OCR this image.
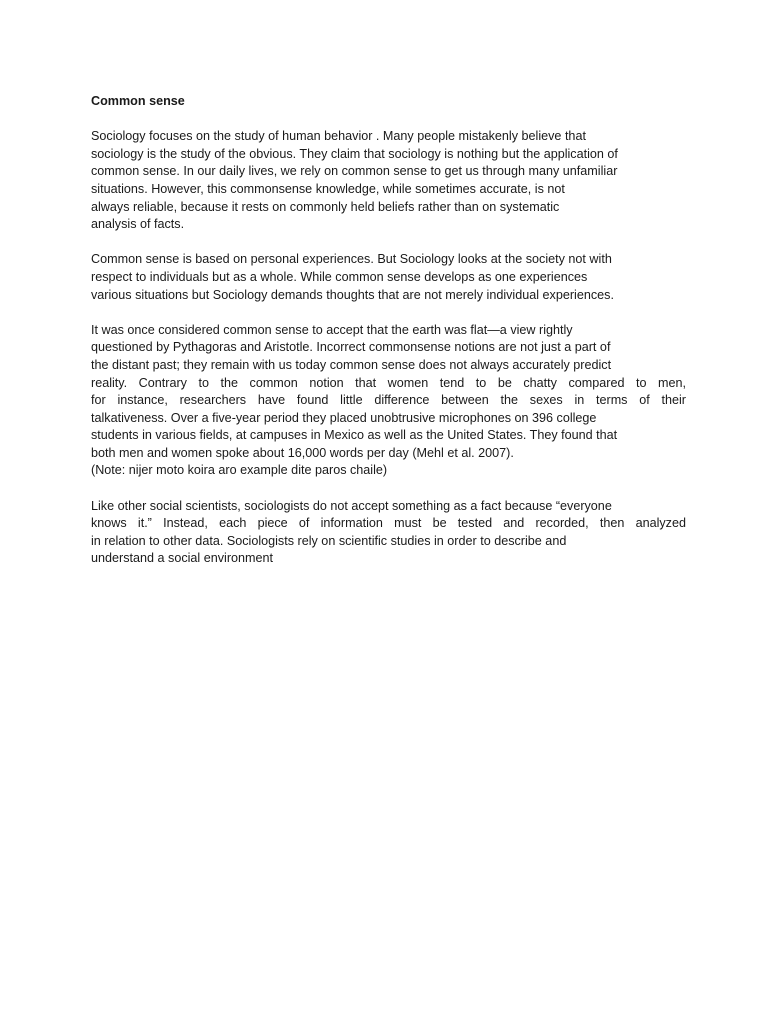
Common sense
Sociology focuses on the study of human behavior . Many people mistakenly believe that
sociology is the study of the obvious. They claim that sociology is nothing but the application of
common sense. In our daily lives, we rely on common sense to get us through many unfamiliar
situations. However, this commonsense knowledge, while sometimes accurate, is not
always reliable, because it rests on commonly held beliefs rather than on systematic
analysis of facts.
Common sense is based on personal experiences. But Sociology looks at the society not with
respect to individuals but as a whole. While common sense develops as one experiences
various situations but Sociology demands thoughts that are not merely individual experiences.
It was once considered common sense to accept that the earth was flat—a view rightly
questioned by Pythagoras and Aristotle. Incorrect commonsense notions are not just a part of
the distant past; they remain with us today common sense does not always accurately predict
reality. Contrary to the common notion that women tend to be chatty compared to men,
for instance, researchers have found little difference between the sexes in terms of their
talkativeness. Over a five-year period they placed unobtrusive microphones on 396 college
students in various fields, at campuses in Mexico as well as the United States. They found that
both men and women spoke about 16,000 words per day (Mehl et al. 2007).
(Note: nijer moto koira aro example dite paros chaile)
Like other social scientists, sociologists do not accept something as a fact because “everyone
knows it.” Instead, each piece of information must be tested and recorded, then analyzed
in relation to other data. Sociologists rely on scientific studies in order to describe and
understand a social environment
